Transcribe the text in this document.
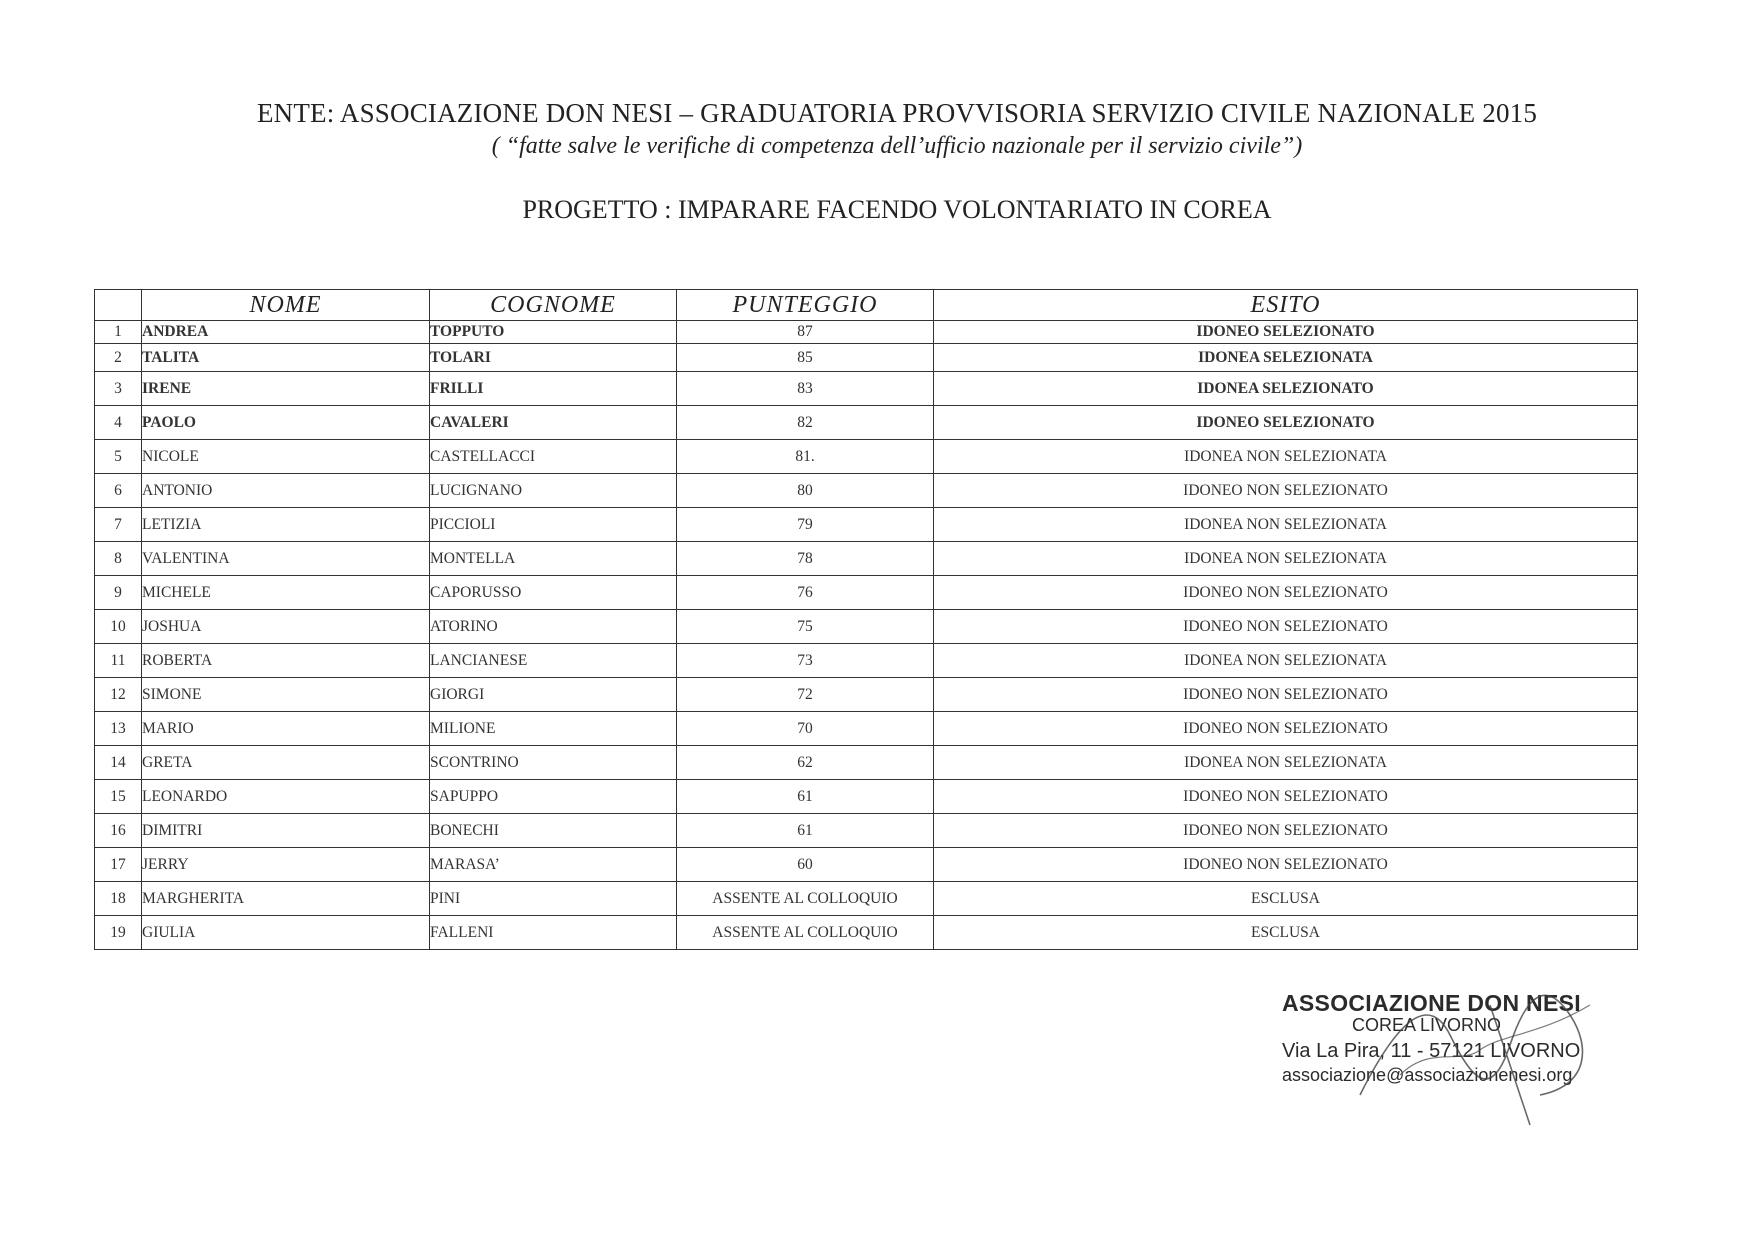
ENTE: ASSOCIAZIONE DON NESI – GRADUATORIA PROVVISORIA SERVIZIO CIVILE NAZIONALE 2015
( “fatte salve le verifiche di competenza dell’ufficio nazionale per il servizio civile”)
PROGETTO : IMPARARE FACENDO VOLONTARIATO IN COREA
	NOME	COGNOME	PUNTEGGIO	ESITO
1	ANDREA	TOPPUTO	87	IDONEO SELEZIONATO
2	TALITA	TOLARI	85	IDONEA SELEZIONATA
3	IRENE	FRILLI	83	IDONEA SELEZIONATO
4	PAOLO	CAVALERI	82	IDONEO SELEZIONATO
5	NICOLE	CASTELLACCI	81.	IDONEA NON SELEZIONATA
6	ANTONIO	LUCIGNANO	80	IDONEO NON SELEZIONATO
7	LETIZIA	PICCIOLI	79	IDONEA NON SELEZIONATA
8	VALENTINA	MONTELLA	78	IDONEA NON SELEZIONATA
9	MICHELE	CAPORUSSO	76	IDONEO NON SELEZIONATO
10	JOSHUA	ATORINO	75	IDONEO NON SELEZIONATO
11	ROBERTA	LANCIANESE	73	IDONEA NON SELEZIONATA
12	SIMONE	GIORGI	72	IDONEO NON SELEZIONATO
13	MARIO	MILIONE	70	IDONEO NON SELEZIONATO
14	GRETA	SCONTRINO	62	IDONEA NON SELEZIONATA
15	LEONARDO	SAPUPPO	61	IDONEO NON SELEZIONATO
16	DIMITRI	BONECHI	61	IDONEO NON SELEZIONATO
17	JERRY	MARASA’	60	IDONEO NON SELEZIONATO
18	MARGHERITA	PINI	ASSENTE AL COLLOQUIO	ESCLUSA
19	GIULIA	FALLENI	ASSENTE AL COLLOQUIO	ESCLUSA
ASSOCIAZIONE DON NESI
COREA LIVORNO
Via La Pira, 11 - 57121 LIVORNO
associazione@associazionenesi.org
